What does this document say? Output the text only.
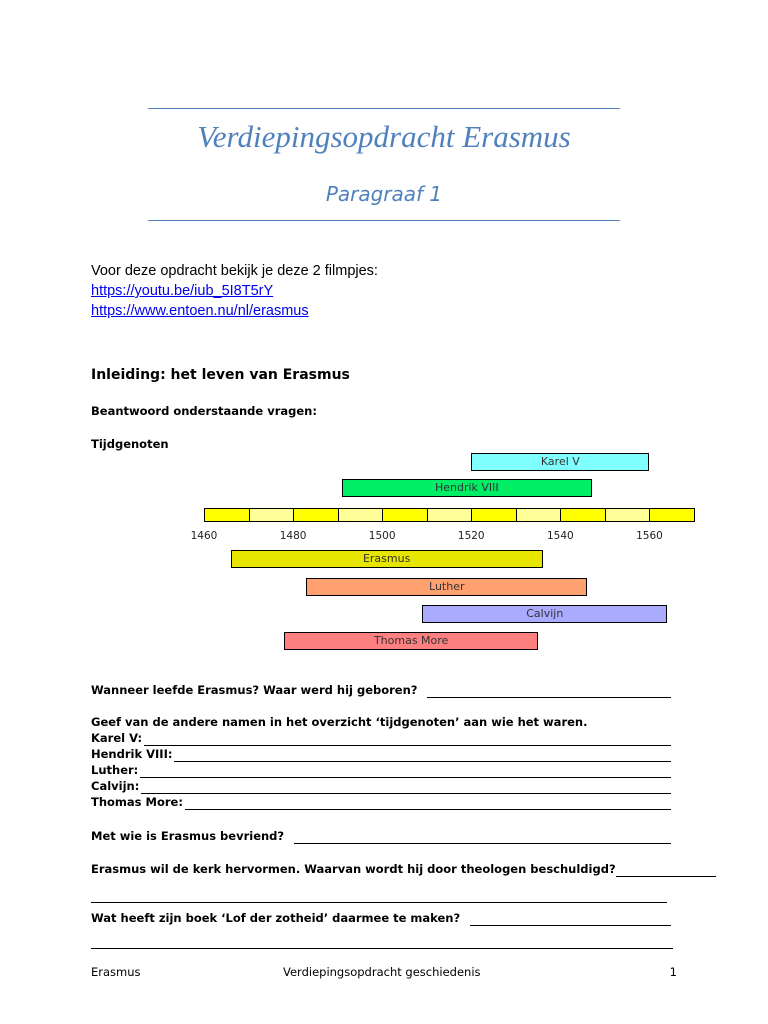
Verdiepingsopdracht Erasmus
Paragraaf 1
Voor deze opdracht bekijk je deze 2 filmpjes:
https://youtu.be/iub_5I8T5rY
https://www.entoen.nu/nl/erasmus
Inleiding: het leven van Erasmus
Beantwoord onderstaande vragen:
Tijdgenoten
1460	1480	1500	1520	1540	1560
Karel V
Hendrik VIII
Erasmus
Luther
Calvijn
Thomas More
Wanneer leefde Erasmus? Waar werd hij geboren?
Geef van de andere namen in het overzicht ‘tijdgenoten’ aan wie het waren.
Karel V:
Hendrik VIII:
Luther:
Calvijn:
Thomas More:
Met wie is Erasmus bevriend?
Erasmus wil de kerk hervormen. Waarvan wordt hij door theologen beschuldigd?
Wat heeft zijn boek ‘Lof der zotheid’ daarmee te maken?
Erasmus	Verdiepingsopdracht geschiedenis	1
